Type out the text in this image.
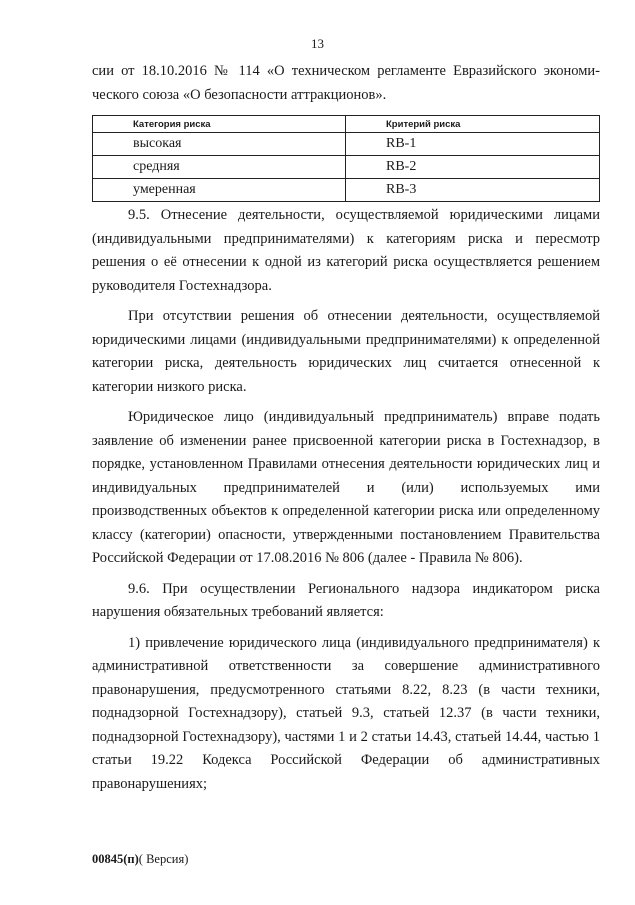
13

сии от 18.10.2016 № 114 «О техническом регламенте Евразийского экономи-

ческого союза «О безопасности аттракционов».

Категория риска	Критерий риска
высокая	RB-1
средняя	RB-2
умеренная	RB-3

9.5. Отнесение деятельности, осуществляемой юридическими лицами (индивидуальными предпринимателями) к категориям риска и пересмотр решения о её отнесении к одной из категорий риска осуществляется решением руководителя Гостехнадзора.

При отсутствии решения об отнесении деятельности, осуществляемой юридическими лицами (индивидуальными предпринимателями) к определенной категории риска, деятельность юридических лиц считается отнесенной к категории низкого риска.

Юридическое лицо (индивидуальный предприниматель) вправе подать заявление об изменении ранее присвоенной категории риска в Гостехнадзор, в порядке, установленном Правилами отнесения деятельности юридических лиц и индивидуальных предпринимателей и (или) используемых ими производственных объектов к определенной категории риска или определенному классу (категории) опасности, утвержденными постановлением Правительства Российской Федерации от 17.08.2016 № 806 (далее - Правила № 806).

9.6. При осуществлении Регионального надзора индикатором риска нарушения обязательных требований является:

1) привлечение юридического лица (индивидуального предпринимателя) к административной ответственности за совершение административного правонарушения, предусмотренного статьями 8.22, 8.23 (в части техники, поднадзорной Гостехнадзору), статьей 9.3, статьей 12.37 (в части техники, поднадзорной Гостехнадзору), частями 1 и 2 статьи 14.43, статьей 14.44, частью 1 статьи 19.22 Кодекса Российской Федерации об административных правонарушениях;

00845(п)( Версия)
